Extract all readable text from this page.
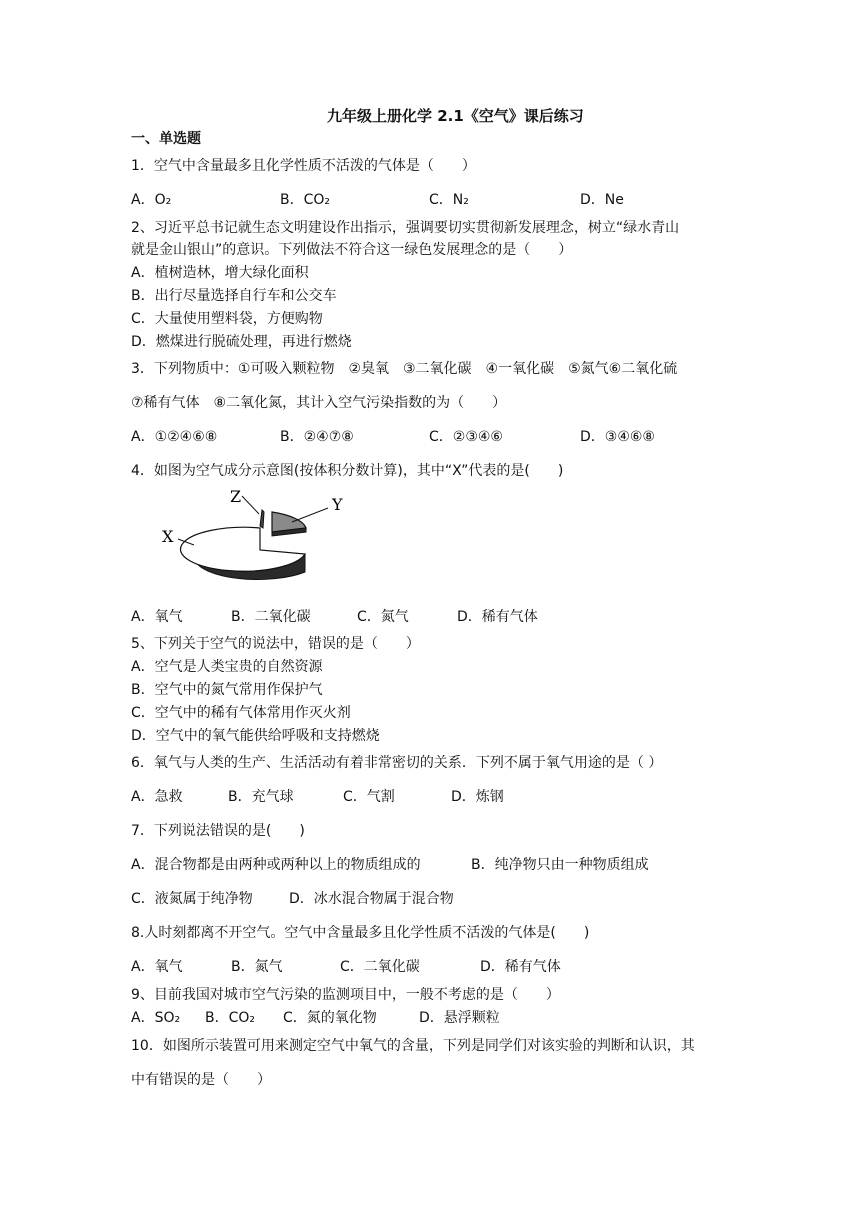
九年级上册化学 2.1《空气》课后练习
一、单选题
1．空气中含量最多且化学性质不活泼的气体是（　　）
A．O₂	B．CO₂	C．N₂	D．Ne
2、习近平总书记就生态文明建设作出指示，强调要切实贯彻新发展理念，树立“绿水青山
就是金山银山”的意识。下列做法不符合这一绿色发展理念的是（　　）
A．植树造林，增大绿化面积
B．出行尽量选择自行车和公交车
C．大量使用塑料袋，方便购物
D．燃煤进行脱硫处理，再进行燃烧
3．下列物质中：①可吸入颗粒物　②臭氧　③二氧化碳　④一氧化碳　⑤氮气⑥二氧化硫
⑦稀有气体　⑧二氧化氮，其计入空气污染指数的为（　　）
A．①②④⑥⑧	B．②④⑦⑧	C．②③④⑥	D．③④⑥⑧
4．如图为空气成分示意图(按体积分数计算)，其中“X”代表的是(　　)
X
Z	Y
A．氧气	B．二氧化碳	C．氮气	D．稀有气体
5、下列关于空气的说法中，错误的是（　　）
A．空气是人类宝贵的自然资源
B．空气中的氮气常用作保护气
C．空气中的稀有气体常用作灭火剂
D．空气中的氧气能供给呼吸和支持燃烧
6．氧气与人类的生产、生活活动有着非常密切的关系．下列不属于氧气用途的是（ ）
A．急救	B．充气球	C．气割	D．炼钢
7．下列说法错误的是(　　)
A．混合物都是由两种或两种以上的物质组成的	B．纯净物只由一种物质组成
C．液氮属于纯净物	D．冰水混合物属于混合物
8.人时刻都离不开空气。空气中含量最多且化学性质不活泼的气体是(　　)
A．氧气	B．氮气	C．二氧化碳	D．稀有气体
9、目前我国对城市空气污染的监测项目中，一般不考虑的是（　　）
A．SO₂ B．CO₂ C．氮的氧化物	D．悬浮颗粒
10．如图所示装置可用来测定空气中氧气的含量，下列是同学们对该实验的判断和认识，其
中有错误的是（　　）
